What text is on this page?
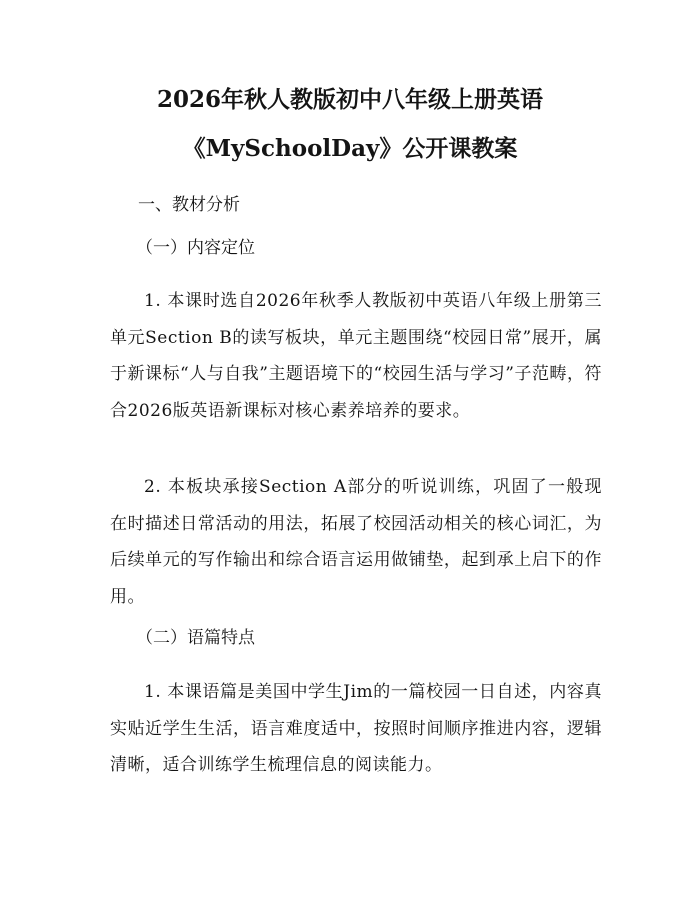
2026年秋人教版初中八年级上册英语
《MySchoolDay》公开课教案
一、教材分析
（一）内容定位
1. 本课时选自2026年秋季人教版初中英语八年级上册第三单元Section B的读写板块，单元主题围绕“校园日常”展开，属于新课标“人与自我”主题语境下的“校园生活与学习”子范畴，符合2026版英语新课标对核心素养培养的要求。
2. 本板块承接Section A部分的听说训练，巩固了一般现在时描述日常活动的用法，拓展了校园活动相关的核心词汇，为后续单元的写作输出和综合语言运用做铺垫，起到承上启下的作用。
（二）语篇特点
1. 本课语篇是美国中学生Jim的一篇校园一日自述，内容真实贴近学生生活，语言难度适中，按照时间顺序推进内容，逻辑清晰，适合训练学生梳理信息的阅读能力。
